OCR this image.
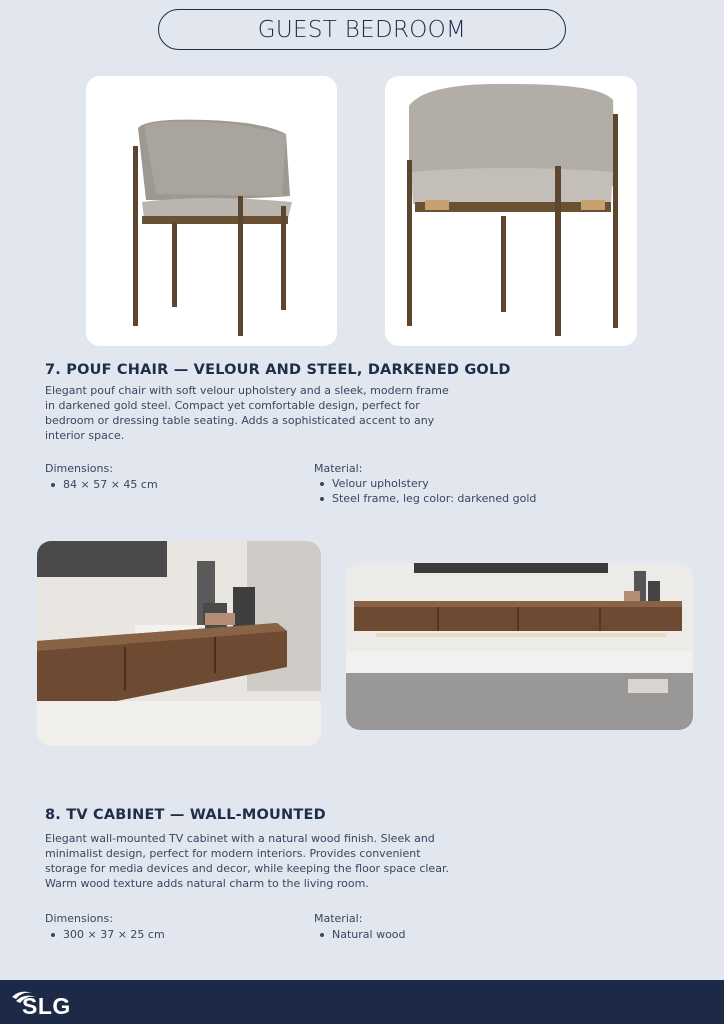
GUEST BEDROOM
7. POUF CHAIR — VELOUR AND STEEL, DARKENED GOLD
Elegant pouf chair with soft velour upholstery and a sleek, modern frame
in darkened gold steel. Compact yet comfortable design, perfect for
bedroom or dressing table seating. Adds a sophisticated accent to any
interior space.
Dimensions:
84 × 57 × 45 cm
Material:
Velour upholstery
Steel frame, leg color: darkened gold
8. TV CABINET — WALL-MOUNTED
Elegant wall-mounted TV cabinet with a natural wood finish. Sleek and
minimalist design, perfect for modern interiors. Provides convenient
storage for media devices and decor, while keeping the floor space clear.
Warm wood texture adds natural charm to the living room.
Dimensions:
300 × 37 × 25 cm
Material:
Natural wood
SLG
